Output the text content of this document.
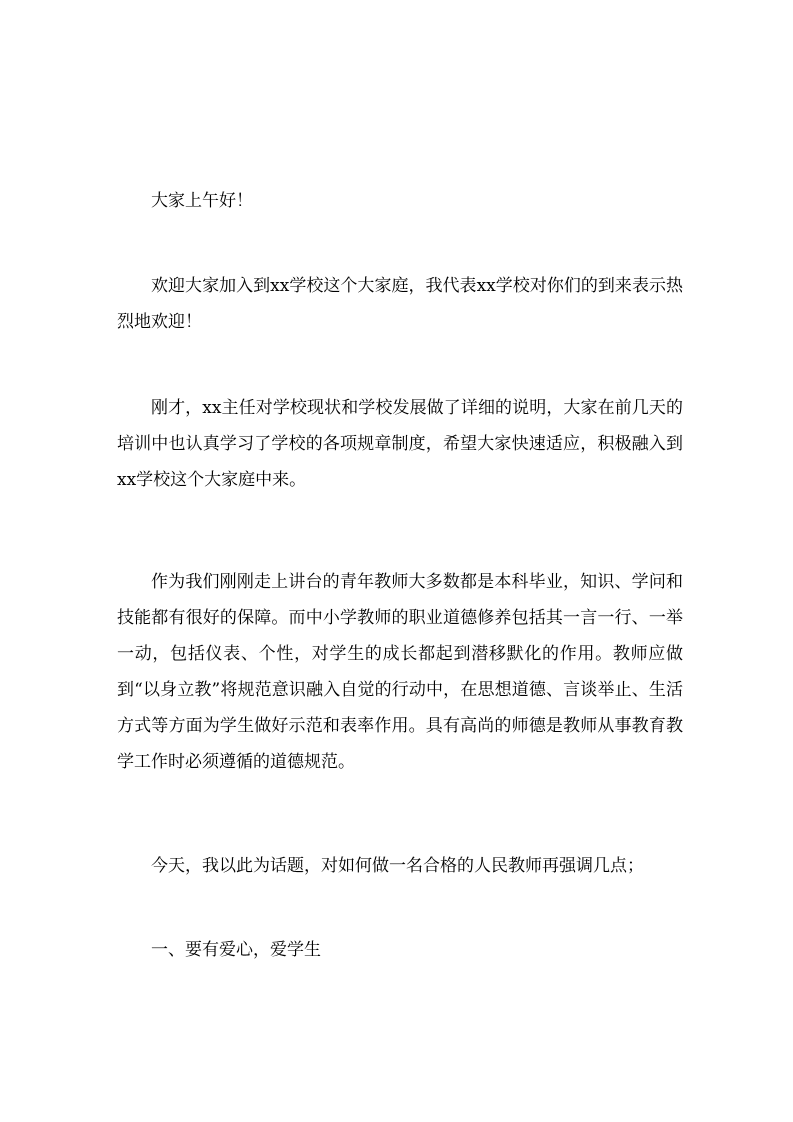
大家上午好！

欢迎大家加入到xx学校这个大家庭，我代表xx学校对你们的到来表示热烈地欢迎！

刚才，xx主任对学校现状和学校发展做了详细的说明，大家在前几天的培训中也认真学习了学校的各项规章制度，希望大家快速适应，积极融入到xx学校这个大家庭中来。

作为我们刚刚走上讲台的青年教师大多数都是本科毕业，知识、学问和技能都有很好的保障。而中小学教师的职业道德修养包括其一言一行、一举一动，包括仪表、个性，对学生的成长都起到潜移默化的作用。教师应做到“以身立教”将规范意识融入自觉的行动中，在思想道德、言谈举止、生活方式等方面为学生做好示范和表率作用。具有高尚的师德是教师从事教育教学工作时必须遵循的道德规范。

今天，我以此为话题，对如何做一名合格的人民教师再强调几点；

一、要有爱心，爱学生
